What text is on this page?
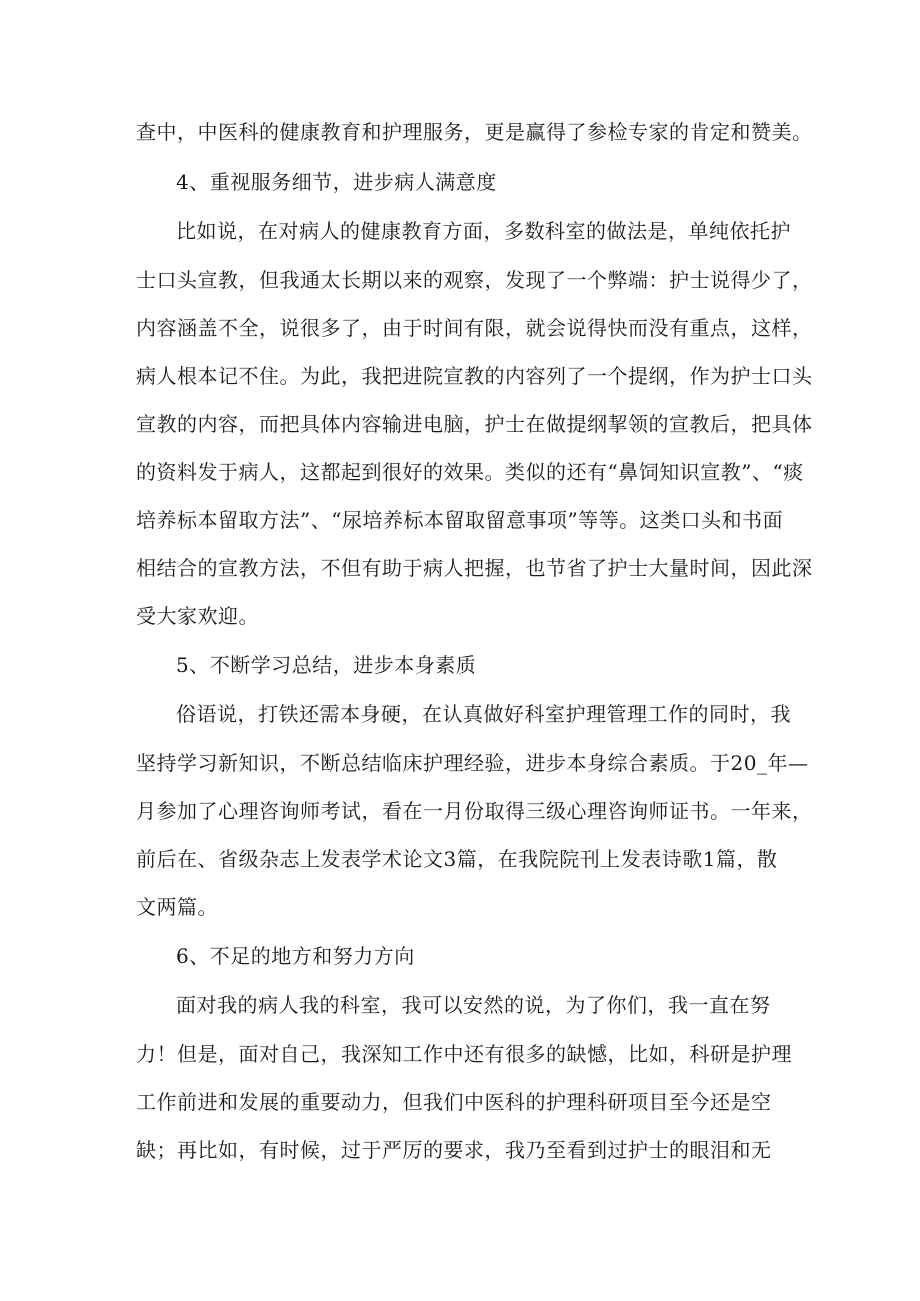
查中，中医科的健康教育和护理服务，更是赢得了参检专家的肯定和赞美。

4、重视服务细节，进步病人满意度

比如说，在对病人的健康教育方面，多数科室的做法是，单纯依托护

士口头宣教，但我通太长期以来的观察，发现了一个弊端：护士说得少了，

内容涵盖不全，说很多了，由于时间有限，就会说得快而没有重点，这样，

病人根本记不住。为此，我把进院宣教的内容列了一个提纲，作为护士口头

宣教的内容，而把具体内容输进电脑，护士在做提纲挈领的宣教后，把具体

的资料发于病人，这都起到很好的效果。类似的还有“鼻饲知识宣教”、“痰

培养标本留取方法”、“尿培养标本留取留意事项”等等。这类口头和书面

相结合的宣教方法，不但有助于病人把握，也节省了护士大量时间，因此深

受大家欢迎。

5、不断学习总结，进步本身素质

俗语说，打铁还需本身硬，在认真做好科室护理管理工作的同时，我

坚持学习新知识，不断总结临床护理经验，进步本身综合素质。于20_年—

月参加了心理咨询师考试，看在一月份取得三级心理咨询师证书。一年来，

前后在、省级杂志上发表学术论文3篇，在我院院刊上发表诗歌1篇，散

文两篇。

6、不足的地方和努力方向

面对我的病人我的科室，我可以安然的说，为了你们，我一直在努

力！但是，面对自己，我深知工作中还有很多的缺憾，比如，科研是护理

工作前进和发展的重要动力，但我们中医科的护理科研项目至今还是空

缺；再比如，有时候，过于严厉的要求，我乃至看到过护士的眼泪和无
